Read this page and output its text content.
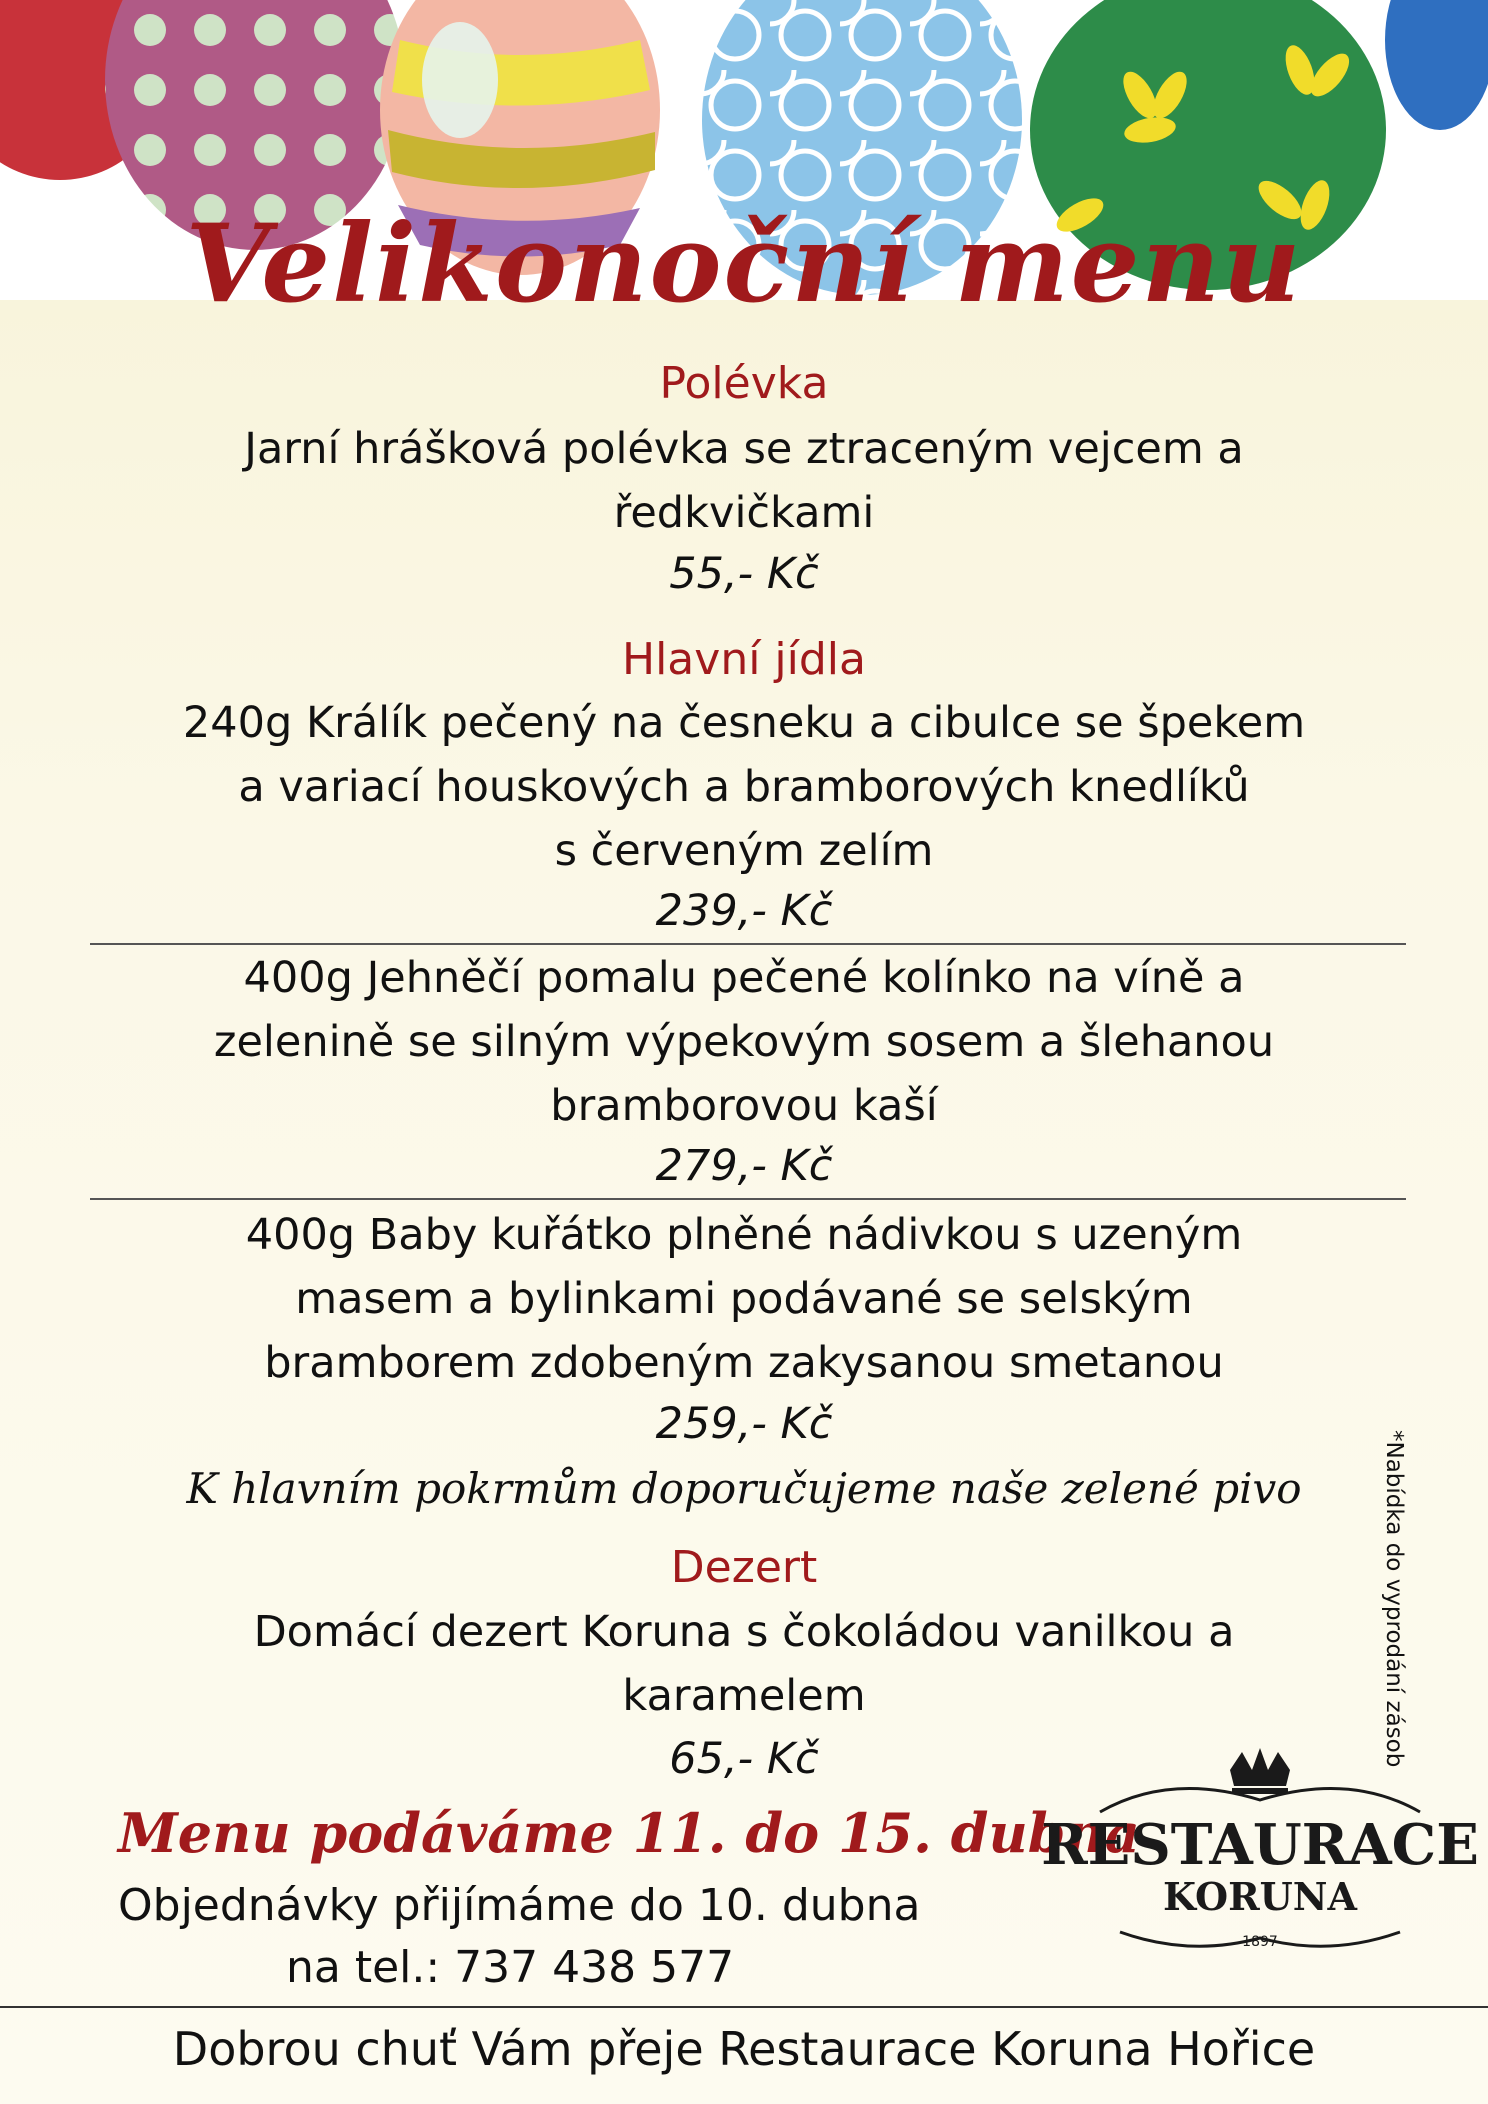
Velikonoční menu
Polévka
Jarní hrášková polévka se ztraceným vejcem a
ředkvičkami
55,- Kč
Hlavní jídla
240g Králík pečený na česneku a cibulce se špekem
a variací houskových a bramborových knedlíků
s červeným zelím
239,- Kč
400g Jehněčí pomalu pečené kolínko na víně a
zelenině se silným výpekovým sosem a šlehanou
bramborovou kaší
279,- Kč
400g Baby kuřátko plněné nádivkou s uzeným
masem a bylinkami podávané se selským
bramborem zdobeným zakysanou smetanou
259,- Kč
K hlavním pokrmům doporučujeme naše zelené pivo
Dezert
Domácí dezert Koruna s čokoládou vanilkou a
karamelem
65,- Kč
Menu podáváme 11. do 15. dubna
Objednávky přijímáme do 10. dubna
na tel.: 737 438 577
*Nabídka do vyprodání zásob
RESTAURACE
KORUNA
1897
Dobrou chuť Vám přeje Restaurace Koruna Hořice
